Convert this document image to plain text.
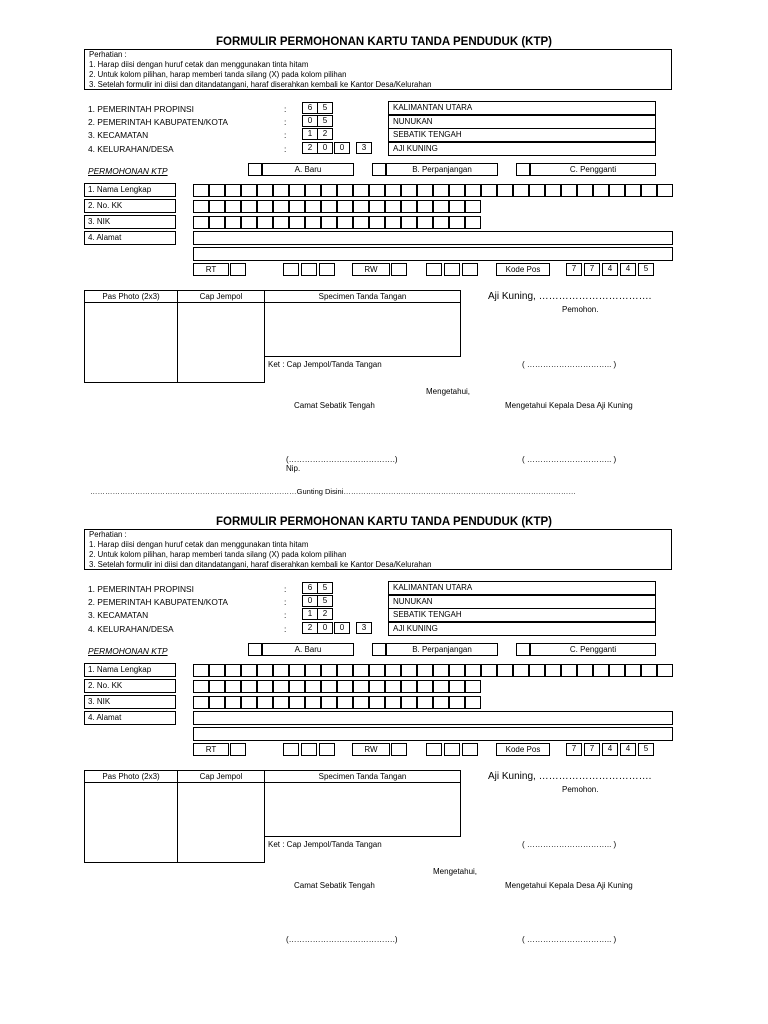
FORMULIR PERMOHONAN KARTU TANDA PENDUDUK (KTP)
Perhatian :
1. Harap diisi dengan huruf cetak dan menggunakan tinta hitam
2. Untuk kolom pilihan, harap memberi tanda silang (X) pada kolom pilihan
3. Setelah formulir ini diisi dan ditandatangani, haraf diserahkan kembali ke Kantor Desa/Kelurahan
1. PEMERINTAH PROPINSI	:	6	5	KALIMANTAN UTARA
2. PEMERINTAH KABUPATEN/KOTA	:	0	5	NUNUKAN
3. KECAMATAN	:	1	2	SEBATIK TENGAH
4. KELURAHAN/DESA	:	2	0	0	3	AJI KUNING
PERMOHONAN KTP	A. Baru	B. Perpanjangan	C. Pengganti
1. Nama Lengkap
2. No. KK
3. NIK
4. Alamat
RT	RW	Kode Pos	7	7	4	4	5
Pas Photo (2x3)	Cap Jempol	Specimen Tanda Tangan
Ket : Cap Jempol/Tanda Tangan
Aji Kuning, …………………………….
Pemohon.
( ………………………….. )
Mengetahui,
Camat Sebatik Tengah	Mengetahui Kepala Desa Aji Kuning
(………………………………….)	( ………………………….. )
Nip.
……………………………………………………..…………………Gunting Disini…………………………………………………………………………………
FORMULIR PERMOHONAN KARTU TANDA PENDUDUK (KTP)
Perhatian :
1. Harap diisi dengan huruf cetak dan menggunakan tinta hitam
2. Untuk kolom pilihan, harap memberi tanda silang (X) pada kolom pilihan
3. Setelah formulir ini diisi dan ditandatangani, haraf diserahkan kembali ke Kantor Desa/Kelurahan
1. PEMERINTAH PROPINSI	:	6	5	KALIMANTAN UTARA
2. PEMERINTAH KABUPATEN/KOTA	:	0	5	NUNUKAN
3. KECAMATAN	:	1	2	SEBATIK TENGAH
4. KELURAHAN/DESA	:	2	0	0	3	AJI KUNING
PERMOHONAN KTP	A. Baru	B. Perpanjangan	C. Pengganti
1. Nama Lengkap
2. No. KK
3. NIK
4. Alamat
RT	RW	Kode Pos	7	7	4	4	5
Pas Photo (2x3)	Cap Jempol	Specimen Tanda Tangan
Ket : Cap Jempol/Tanda Tangan
Aji Kuning, …………………………….
Pemohon.
( ………………………….. )
Mengetahui,
Camat Sebatik Tengah	Mengetahui Kepala Desa Aji Kuning
(………………………………….)	( ………………………….. )
